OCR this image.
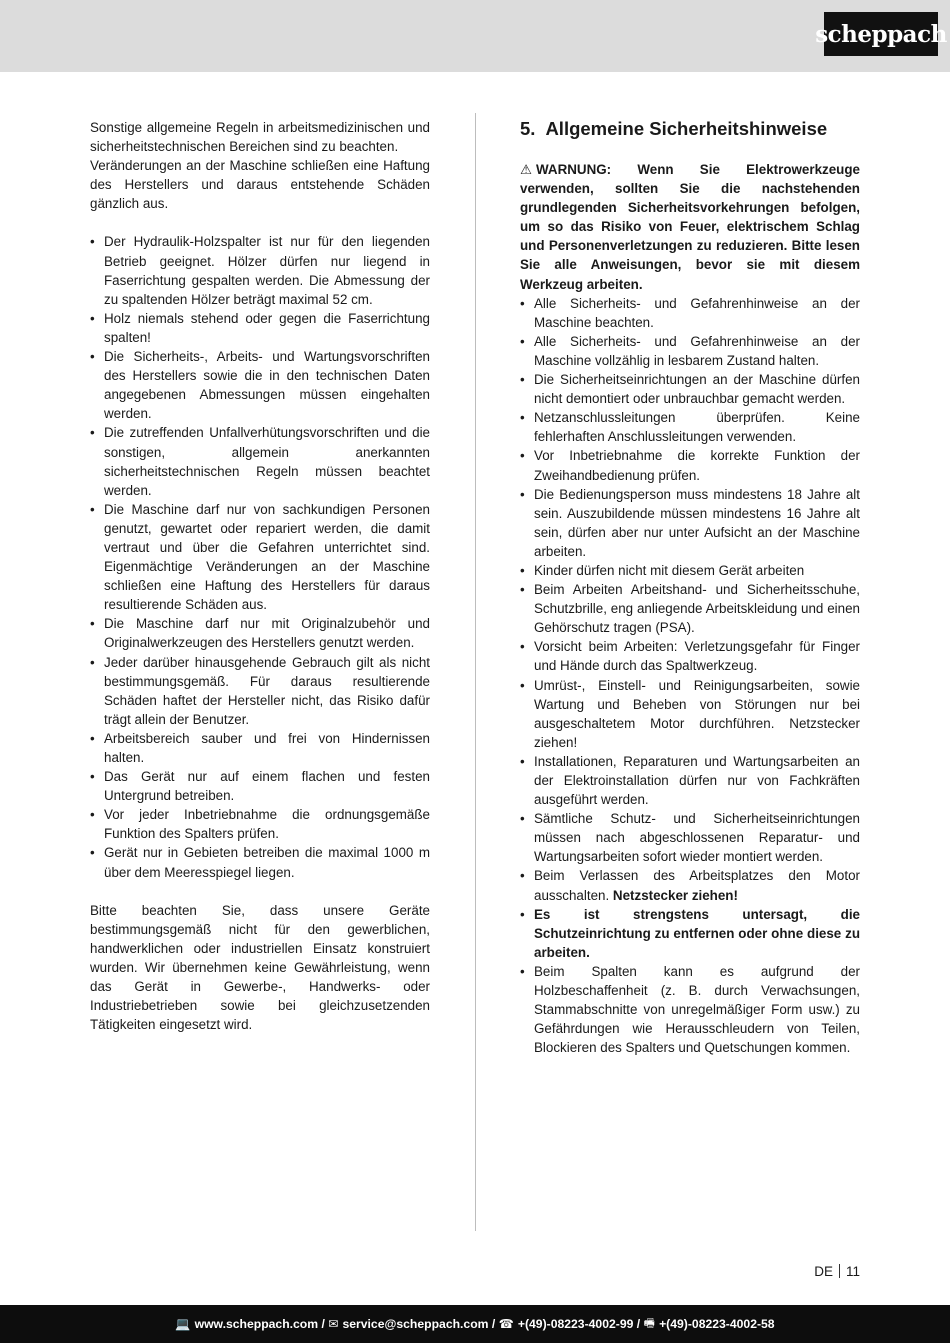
scheppach

Sonstige allgemeine Regeln in arbeitsmedizinischen und sicherheitstechnischen Bereichen sind zu beachten.

Veränderungen an der Maschine schließen eine Haftung des Herstellers und daraus entstehende Schäden gänzlich aus.

• Der Hydraulik-Holzspalter ist nur für den liegenden Betrieb geeignet. Hölzer dürfen nur liegend in Faserrichtung gespalten werden. Die Abmessung der zu spaltenden Hölzer beträgt maximal 52 cm.
• Holz niemals stehend oder gegen die Faserrichtung spalten!
• Die Sicherheits-, Arbeits- und Wartungsvorschriften des Herstellers sowie die in den technischen Daten angegebenen Abmessungen müssen eingehalten werden.
• Die zutreffenden Unfallverhütungsvorschriften und die sonstigen, allgemein anerkannten sicherheitstechnischen Regeln müssen beachtet werden.
• Die Maschine darf nur von sachkundigen Personen genutzt, gewartet oder repariert werden, die damit vertraut und über die Gefahren unterrichtet sind. Eigenmächtige Veränderungen an der Maschine schließen eine Haftung des Herstellers für daraus resultierende Schäden aus.
• Die Maschine darf nur mit Originalzubehör und Originalwerkzeugen des Herstellers genutzt werden.
• Jeder darüber hinausgehende Gebrauch gilt als nicht bestimmungsgemäß. Für daraus resultierende Schäden haftet der Hersteller nicht, das Risiko dafür trägt allein der Benutzer.
• Arbeitsbereich sauber und frei von Hindernissen halten.
• Das Gerät nur auf einem flachen und festen Untergrund betreiben.
• Vor jeder Inbetriebnahme die ordnungsgemäße Funktion des Spalters prüfen.
• Gerät nur in Gebieten betreiben die maximal 1000 m über dem Meeresspiegel liegen.

Bitte beachten Sie, dass unsere Geräte bestimmungsgemäß nicht für den gewerblichen, handwerklichen oder industriellen Einsatz konstruiert wurden. Wir übernehmen keine Gewährleistung, wenn das Gerät in Gewerbe-, Handwerks- oder Industriebetrieben sowie bei gleichzusetzenden Tätigkeiten eingesetzt wird.

5. Allgemeine Sicherheitshinweise

⚠ WARNUNG: Wenn Sie Elektrowerkzeuge verwenden, sollten Sie die nachstehenden grundlegenden Sicherheitsvorkehrungen befolgen, um so das Risiko von Feuer, elektrischem Schlag und Personenverletzungen zu reduzieren. Bitte lesen Sie alle Anweisungen, bevor sie mit diesem Werkzeug arbeiten.

• Alle Sicherheits- und Gefahrenhinweise an der Maschine beachten.
• Alle Sicherheits- und Gefahrenhinweise an der Maschine vollzählig in lesbarem Zustand halten.
• Die Sicherheitseinrichtungen an der Maschine dürfen nicht demontiert oder unbrauchbar gemacht werden.
• Netzanschlussleitungen überprüfen. Keine fehlerhaften Anschlussleitungen verwenden.
• Vor Inbetriebnahme die korrekte Funktion der Zweihandbedienung prüfen.
• Die Bedienungsperson muss mindestens 18 Jahre alt sein. Auszubildende müssen mindestens 16 Jahre alt sein, dürfen aber nur unter Aufsicht an der Maschine arbeiten.
• Kinder dürfen nicht mit diesem Gerät arbeiten
• Beim Arbeiten Arbeitshand- und Sicherheitsschuhe, Schutzbrille, eng anliegende Arbeitskleidung und einen Gehörschutz tragen (PSA).
• Vorsicht beim Arbeiten: Verletzungsgefahr für Finger und Hände durch das Spaltwerkzeug.
• Umrüst-, Einstell- und Reinigungsarbeiten, sowie Wartung und Beheben von Störungen nur bei ausgeschaltetem Motor durchführen. Netzstecker ziehen!
• Installationen, Reparaturen und Wartungsarbeiten an der Elektroinstallation dürfen nur von Fachkräften ausgeführt werden.
• Sämtliche Schutz- und Sicherheitseinrichtungen müssen nach abgeschlossenen Reparatur- und Wartungsarbeiten sofort wieder montiert werden.
• Beim Verlassen des Arbeitsplatzes den Motor ausschalten. Netzstecker ziehen!
• Es ist strengstens untersagt, die Schutzeinrichtung zu entfernen oder ohne diese zu arbeiten.
• Beim Spalten kann es aufgrund der Holzbeschaffenheit (z. B. durch Verwachsungen, Stammabschnitte von unregelmäßiger Form usw.) zu Gefährdungen wie Herausschleudern von Teilen, Blockieren des Spalters und Quetschungen kommen.
DE 11
💻 www.scheppach.com /
✉ service@scheppach.com /
☎ +(49)-08223-4002-99 /
🖷 +(49)-08223-4002-58
